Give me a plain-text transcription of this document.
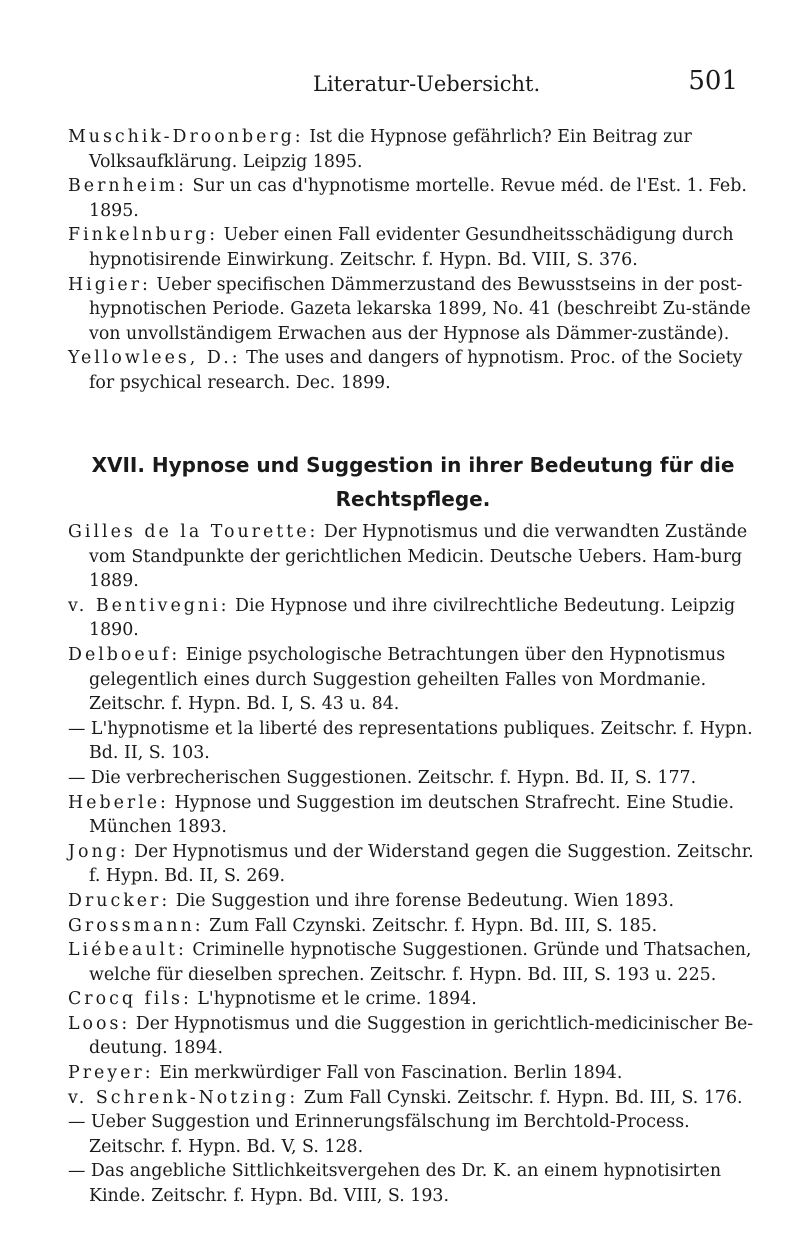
Literatur-Uebersicht.	501
Muschik-Droonberg: Ist die Hypnose gefährlich? Ein Beitrag zur Volksaufklärung. Leipzig 1895.
Bernheim: Sur un cas d'hypnotisme mortelle. Revue méd. de l'Est. 1. Feb. 1895.
Finkelnburg: Ueber einen Fall evidenter Gesundheitsschädigung durch hypnotisirende Einwirkung. Zeitschr. f. Hypn. Bd. VIII, S. 376.
Higier: Ueber specifischen Dämmerzustand des Bewusstseins in der post-hypnotischen Periode. Gazeta lekarska 1899, No. 41 (beschreibt Zu-stände von unvollständigem Erwachen aus der Hypnose als Dämmer-zustände).
Yellowlees, D.: The uses and dangers of hypnotism. Proc. of the Society for psychical research. Dec. 1899.
XVII. Hypnose und Suggestion in ihrer Bedeutung für die
Rechtspflege.
Gilles de la Tourette: Der Hypnotismus und die verwandten Zustände vom Standpunkte der gerichtlichen Medicin. Deutsche Uebers. Ham-burg 1889.
v. Bentivegni: Die Hypnose und ihre civilrechtliche Bedeutung. Leipzig 1890.
Delboeuf: Einige psychologische Betrachtungen über den Hypnotismus gelegentlich eines durch Suggestion geheilten Falles von Mordmanie. Zeitschr. f. Hypn. Bd. I, S. 43 u. 84.
— L'hypnotisme et la liberté des representations publiques. Zeitschr. f. Hypn. Bd. II, S. 103.
— Die verbrecherischen Suggestionen. Zeitschr. f. Hypn. Bd. II, S. 177.
Heberle: Hypnose und Suggestion im deutschen Strafrecht. Eine Studie. München 1893.
Jong: Der Hypnotismus und der Widerstand gegen die Suggestion. Zeitschr. f. Hypn. Bd. II, S. 269.
Drucker: Die Suggestion und ihre forense Bedeutung. Wien 1893.
Grossmann: Zum Fall Czynski. Zeitschr. f. Hypn. Bd. III, S. 185.
Liébeault: Criminelle hypnotische Suggestionen. Gründe und Thatsachen, welche für dieselben sprechen. Zeitschr. f. Hypn. Bd. III, S. 193 u. 225.
Crocq fils: L'hypnotisme et le crime. 1894.
Loos: Der Hypnotismus und die Suggestion in gerichtlich-medicinischer Be-deutung. 1894.
Preyer: Ein merkwürdiger Fall von Fascination. Berlin 1894.
v. Schrenk-Notzing: Zum Fall Cynski. Zeitschr. f. Hypn. Bd. III, S. 176.
— Ueber Suggestion und Erinnerungsfälschung im Berchtold-Process. Zeitschr. f. Hypn. Bd. V, S. 128.
— Das angebliche Sittlichkeitsvergehen des Dr. K. an einem hypnotisirten Kinde. Zeitschr. f. Hypn. Bd. VIII, S. 193.
